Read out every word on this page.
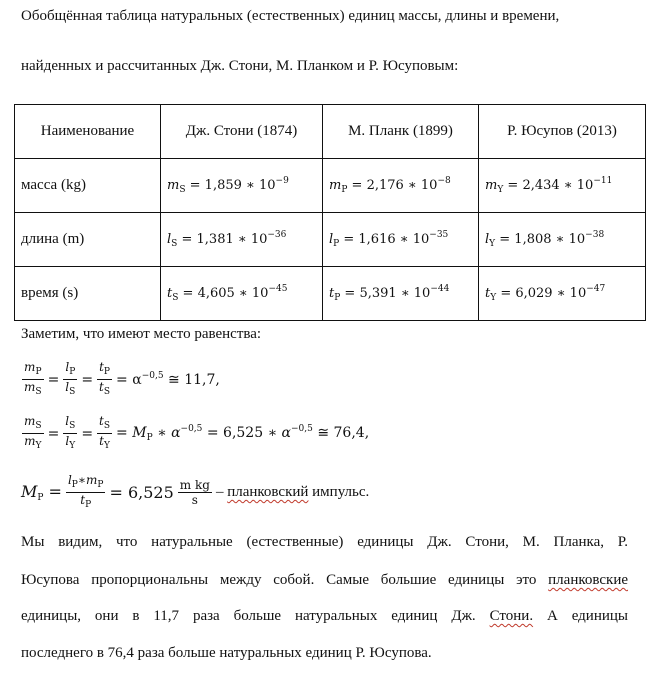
Обобщённая таблица натуральных (естественных) единиц массы, длины и времени,
найденных и рассчитанных Дж. Стони, М. Планком и Р. Юсуповым:
Наименование	Дж. Стони (1874)	М. Планк (1899)	Р. Юсупов (2013)
масса (kg)	$m_S = 1,859$ ∗ $10^{-9}$	$m_P = 2,176$ ∗ $10^{-8}$	$m_Y = 2,434$ ∗ $10^{-11}$
длина (m)	$l_S = 1,381$ ∗ $10^{-36}$	$l_P = 1,616$ ∗ $10^{-35}$	$l_Y = 1,808$ ∗ $10^{-38}$
время (s)	$t_S = 4,605$ ∗ $10^{-45}$	$t_P = 5,391$ ∗ $10^{-44}$	$t_Y = 6,029$ ∗ $10^{-47}$
Заметим, что имеют место равенства:
$\frac{m_P}{m_S} = \frac{l_P}{l_S} = \frac{t_P}{t_S} = \alpha^{-0,5}$ ≅ 11,7,
$\frac{m_S}{m_Y} = \frac{l_S}{l_Y} = \frac{t_S}{t_Y} = M_P$ ∗ $\alpha^{-0,5} = 6,525$ ∗ $\alpha^{-0,5}$ ≅ 76,4,
$M_P = \frac{l_P∗m_P}{t_P} = 6,525 \frac{\text{m kg}}{s}$ – планковский импульс.
Мы видим, что натуральные (естественные) единицы Дж. Стони, М. Планка, Р.
Юсупова пропорциональны между собой. Самые большие единицы это планковские
единицы, они в 11,7 раза больше натуральных единиц Дж. Стони. А единицы
последнего в 76,4 раза больше натуральных единиц Р. Юсупова.
